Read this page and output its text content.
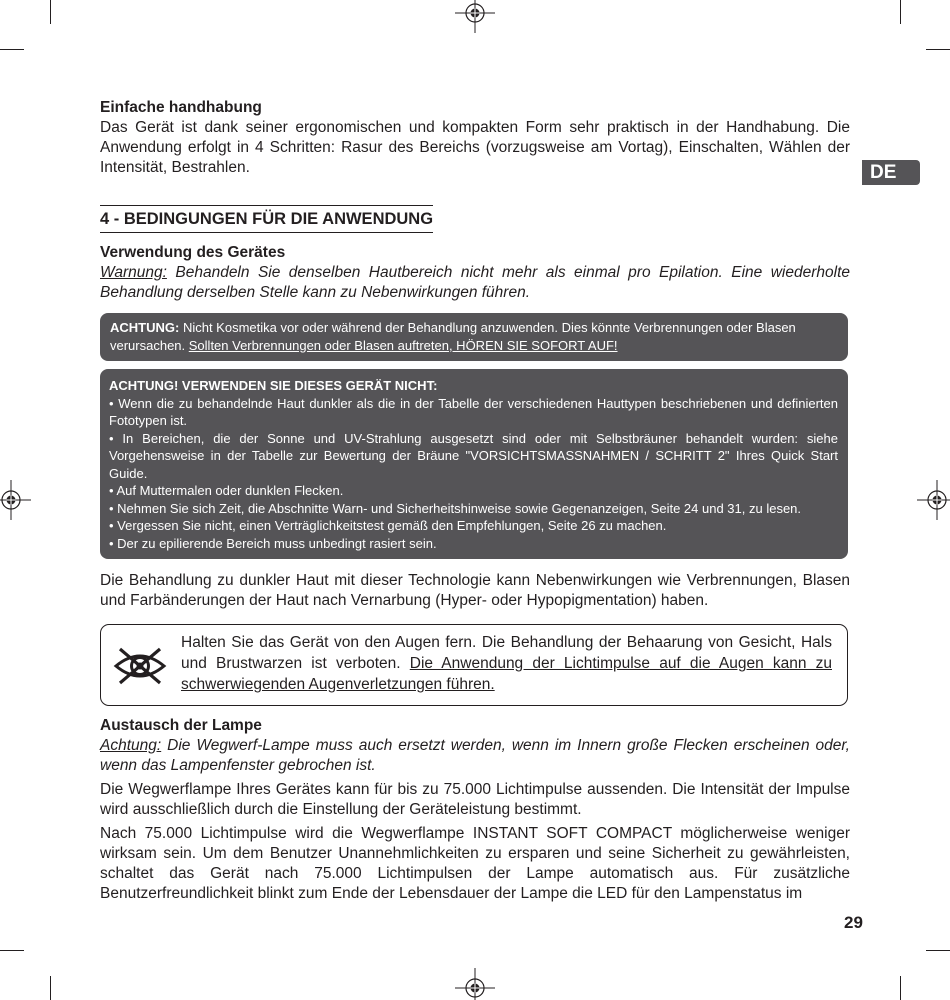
DE
Einfache handhabung
Das Gerät ist dank seiner ergonomischen und kompakten Form sehr praktisch in der Handhabung. Die Anwendung erfolgt in 4 Schritten: Rasur des Bereichs (vorzugsweise am Vortag), Einschalten, Wählen der Intensität, Bestrahlen.
4 - BEDINGUNGEN FÜR DIE ANWENDUNG
Verwendung des Gerätes
Warnung: Behandeln Sie denselben Hautbereich nicht mehr als einmal pro Epilation. Eine wiederholte Behandlung derselben Stelle kann zu Nebenwirkungen führen.
ACHTUNG: Nicht Kosmetika vor oder während der Behandlung anzuwenden. Dies könnte Verbrennungen oder Blasen verursachen. Sollten Verbrennungen oder Blasen auftreten, HÖREN SIE SOFORT AUF!
ACHTUNG! VERWENDEN SIE DIESES GERÄT NICHT:
• Wenn die zu behandelnde Haut dunkler als die in der Tabelle der verschiedenen Hauttypen beschriebenen und definierten Fototypen ist.
• In Bereichen, die der Sonne und UV-Strahlung ausgesetzt sind oder mit Selbstbräuner behandelt wurden: siehe Vorgehensweise in der Tabelle zur Bewertung der Bräune "VORSICHTSMASSNAHMEN / SCHRITT 2" Ihres Quick Start Guide.
• Auf Muttermalen oder dunklen Flecken.
• Nehmen Sie sich Zeit, die Abschnitte Warn- und Sicherheitshinweise sowie Gegenanzeigen, Seite 24 und 31, zu lesen.
• Vergessen Sie nicht, einen Verträglichkeitstest gemäß den Empfehlungen, Seite 26 zu machen.
• Der zu epilierende Bereich muss unbedingt rasiert sein.
Die Behandlung zu dunkler Haut mit dieser Technologie kann Nebenwirkungen wie Verbrennungen, Blasen und Farbänderungen der Haut nach Vernarbung (Hyper- oder Hypopigmentation) haben.
Halten Sie das Gerät von den Augen fern. Die Behandlung der Behaarung von Gesicht, Hals und Brustwarzen ist verboten. Die Anwendung der Lichtimpulse auf die Augen kann zu schwerwiegenden Augenverletzungen führen.
Austausch der Lampe
Achtung: Die Wegwerf-Lampe muss auch ersetzt werden, wenn im Innern große Flecken erscheinen oder, wenn das Lampenfenster gebrochen ist.
Die Wegwerflampe Ihres Gerätes kann für bis zu 75.000 Lichtimpulse aussenden. Die Intensität der Impulse wird ausschließlich durch die Einstellung der Geräteleistung bestimmt.
Nach 75.000 Lichtimpulse wird die Wegwerflampe INSTANT SOFT COMPACT möglicherweise weniger wirksam sein. Um dem Benutzer Unannehmlichkeiten zu ersparen und seine Sicherheit zu gewährleisten, schaltet das Gerät nach 75.000 Lichtimpulsen der Lampe automatisch aus. Für zusätzliche Benutzerfreundlichkeit blinkt zum Ende der Lebensdauer der Lampe die LED für den Lampenstatus im
29
